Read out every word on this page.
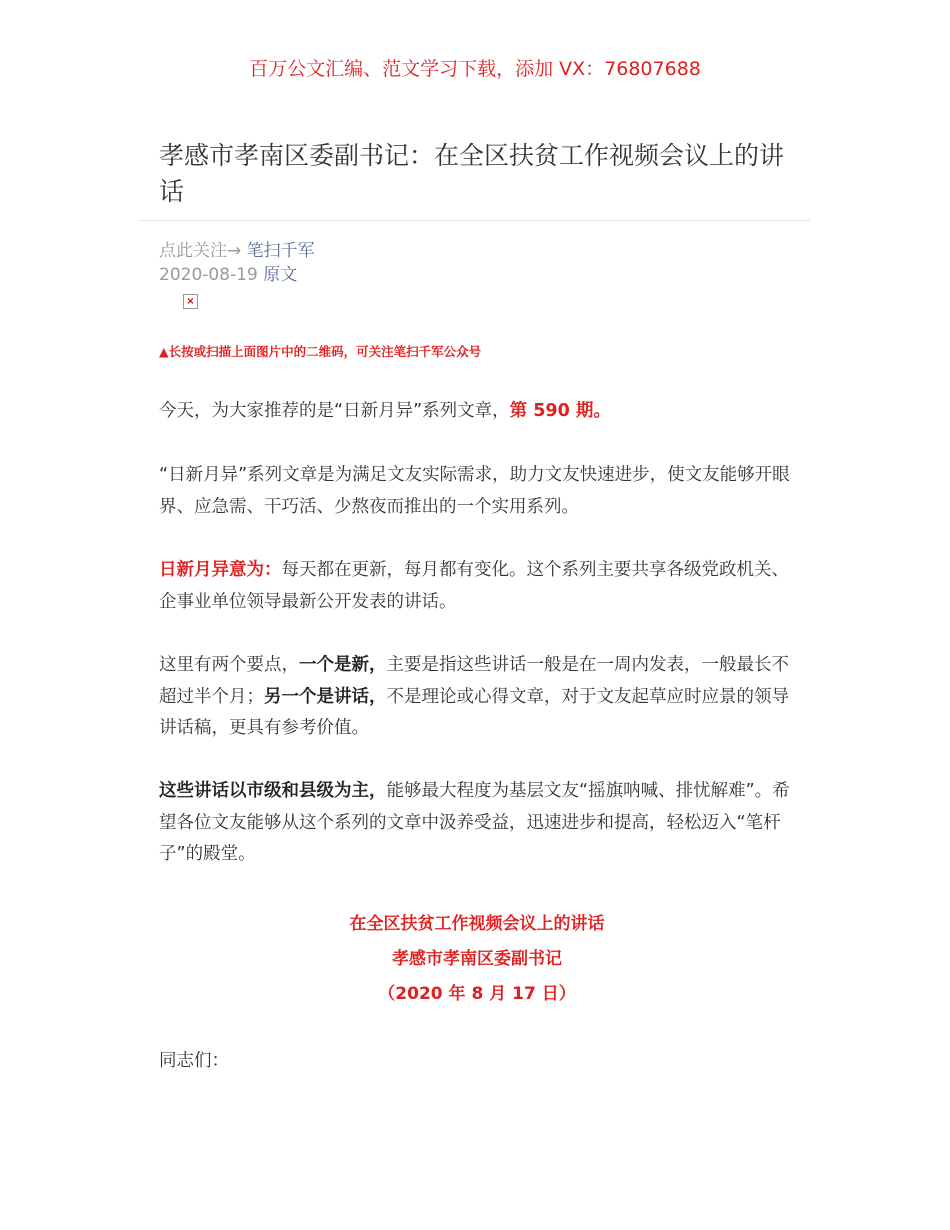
百万公文汇编、范文学习下载，添加 VX：76807688
孝感市孝南区委副书记：在全区扶贫工作视频会议上的讲话
点此关注→ 笔扫千军
2020-08-19 原文
×
▲长按或扫描上面图片中的二维码，可关注笔扫千军公众号
今天，为大家推荐的是“日新月异”系列文章，第 590 期。
“日新月异”系列文章是为满足文友实际需求，助力文友快速进步，使文友能够开眼界、应急需、干巧活、少熬夜而推出的一个实用系列。
日新月异意为：每天都在更新，每月都有变化。这个系列主要共享各级党政机关、企事业单位领导最新公开发表的讲话。
这里有两个要点，一个是新，主要是指这些讲话一般是在一周内发表，一般最长不超过半个月；另一个是讲话，不是理论或心得文章，对于文友起草应时应景的领导讲话稿，更具有参考价值。
这些讲话以市级和县级为主，能够最大程度为基层文友“摇旗呐喊、排忧解难”。希望各位文友能够从这个系列的文章中汲养受益，迅速进步和提高，轻松迈入“笔杆子”的殿堂。
在全区扶贫工作视频会议上的讲话
孝感市孝南区委副书记
（2020 年 8 月 17 日）
同志们：
